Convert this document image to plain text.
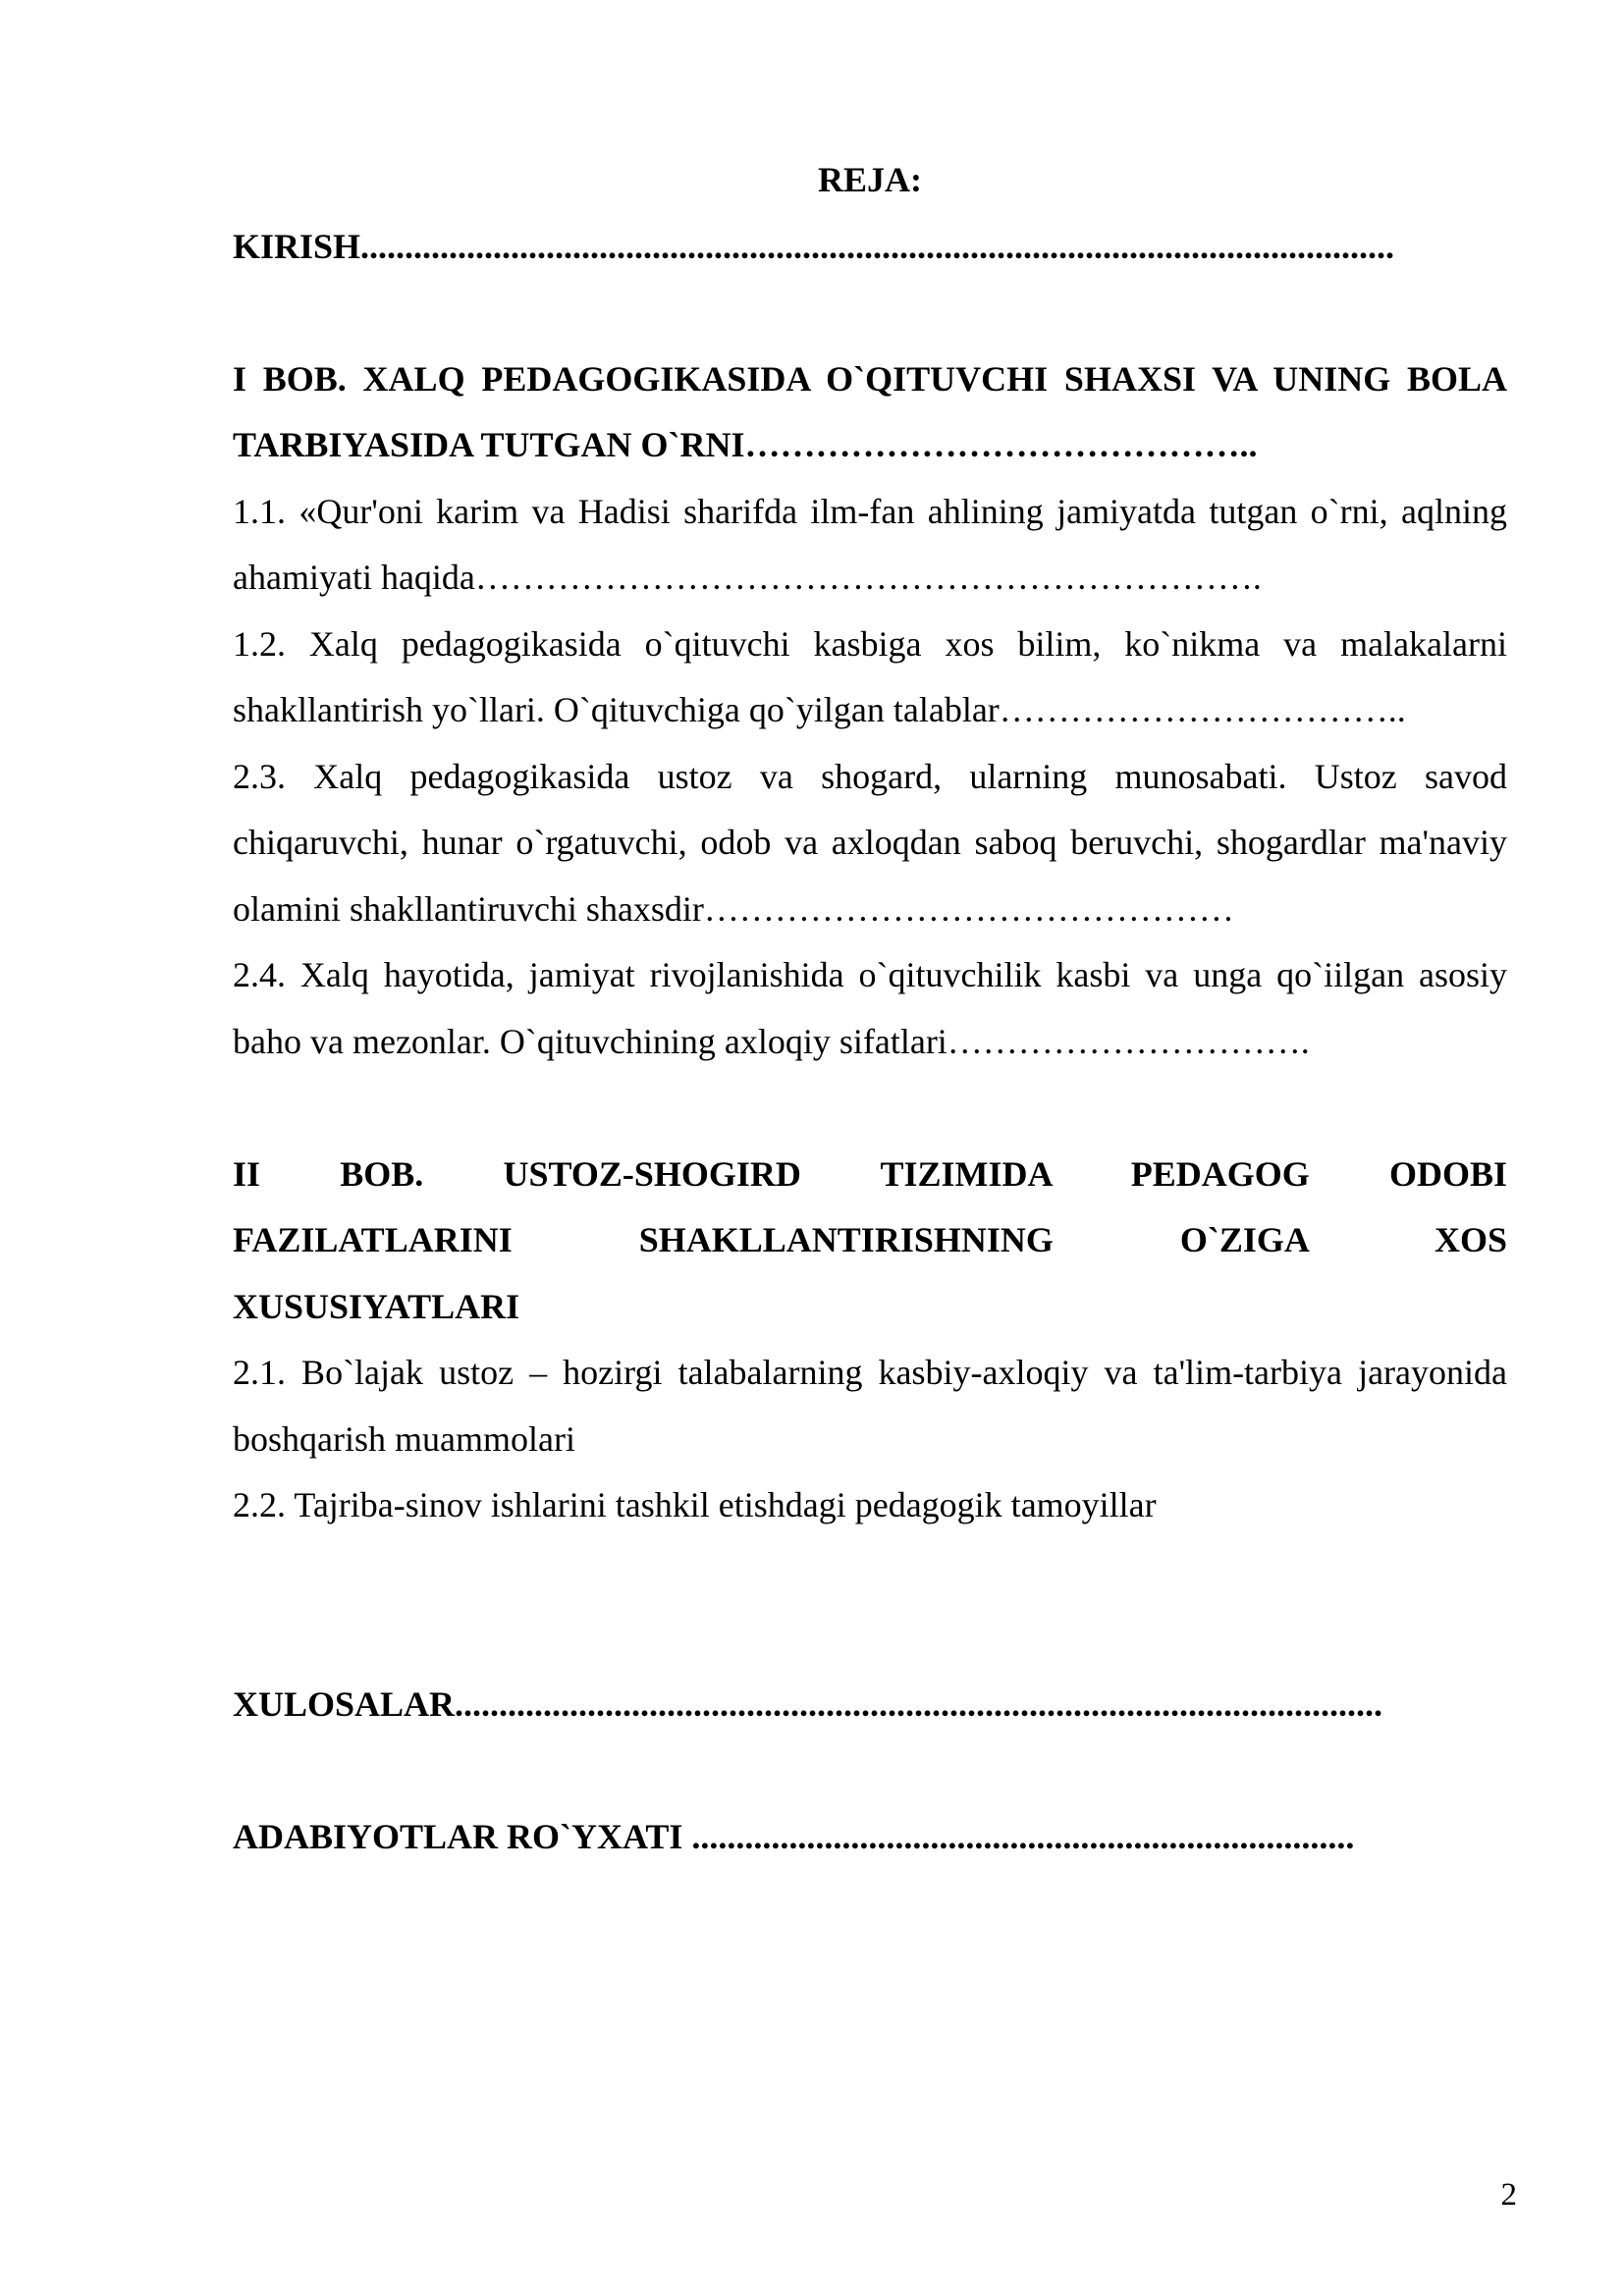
REJA:

KIRISH.....................................................................................................................

I BOB. XALQ PEDAGOGIKASIDA O`QITUVCHI SHAXSI VA UNING BOLA TARBIYASIDA TUTGAN O`RNI……………………………………..

1.1. «Qur'oni karim va Hadisi sharifda ilm-fan ahlining jamiyatda tutgan o`rni, aqlning ahamiyati haqida………………………………………………………….

1.2. Xalq pedagogikasida o`qituvchi kasbiga xos bilim, ko`nikma va malakalarni shakllantirish yo`llari. O`qituvchiga qo`yilgan talablar……………………………..

2.3. Xalq pedagogikasida ustoz va shogard, ularning munosabati. Ustoz savod chiqaruvchi, hunar o`rgatuvchi, odob va axloqdan saboq beruvchi, shogardlar ma'naviy olamini shakllantiruvchi shaxsdir………………………………………

2.4. Xalq hayotida, jamiyat rivojlanishida o`qituvchilik kasbi va unga qo`iilgan asosiy baho va mezonlar. O`qituvchining axloqiy sifatlari………………………….

II BOB. USTOZ-SHOGIRD TIZIMIDA PEDAGOG ODOBI

FAZILATLARINI SHAKLLANTIRISHNING O`ZIGA XOS

XUSUSIYATLARI

2.1. Bo`lajak ustoz – hozirgi talabalarning kasbiy-axloqiy va ta'lim-tarbiya jarayonida boshqarish muammolari

2.2. Tajriba-sinov ishlarini tashkil etishdagi pedagogik tamoyillar

XULOSALAR.........................................................................................................

ADABIYOTLAR RO`YXATI ...........................................................................

2
